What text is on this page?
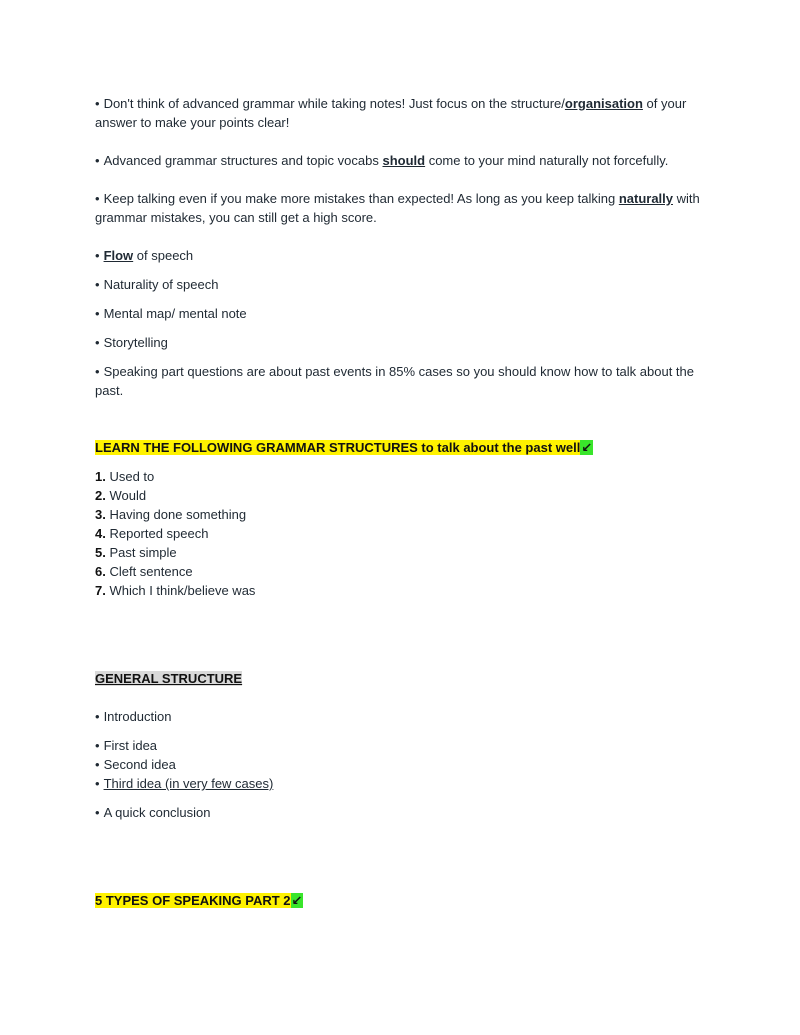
• Don't think of advanced grammar while taking notes! Just focus on the structure/organisation of your answer to make your points clear!

• Advanced grammar structures and topic vocabs should come to your mind naturally not forcefully.

• Keep talking even if you make more mistakes than expected! As long as you keep talking naturally with grammar mistakes, you can still get a high score.

• Flow of speech

• Naturality of speech

• Mental map/ mental note

• Storytelling

• Speaking part questions are about past events in 85% cases so you should know how to talk about the past.

LEARN THE FOLLOWING GRAMMAR STRUCTURES to talk about the past well↙

1. Used to
2. Would
3. Having done something
4. Reported speech
5. Past simple
6. Cleft sentence
7. Which I think/believe was

GENERAL STRUCTURE

• Introduction

• First idea
• Second idea
• Third idea (in very few cases)

• A quick conclusion

5 TYPES OF SPEAKING PART 2↙
